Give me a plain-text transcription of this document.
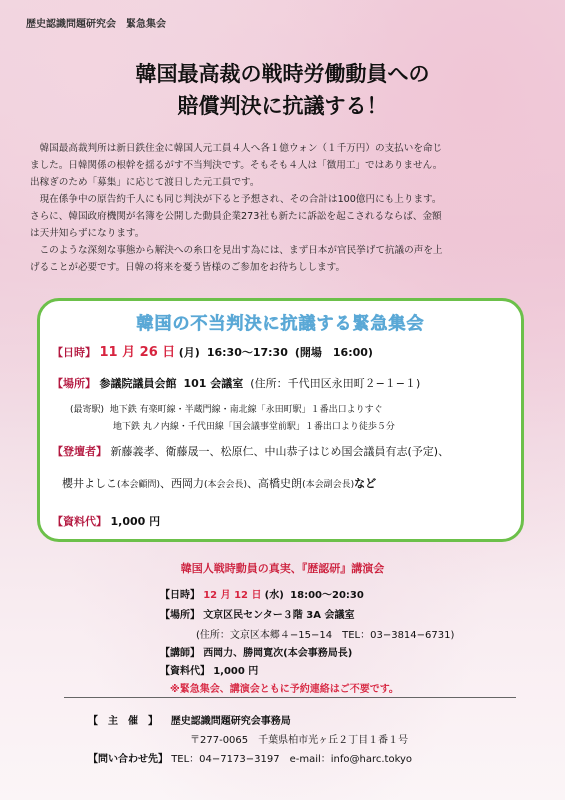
歴史認識問題研究会　緊急集会
韓国最高裁の戦時労働動員への
賠償判決に抗議する！

　韓国最高裁判所は新日鉄住金に韓国人元工員４人へ各１億ウォン（１千万円）の支払いを命じ

ました。日韓関係の根幹を揺るがす不当判決です。そもそも４人は「徴用工」ではありません。

出稼ぎのため「募集」に応じて渡日した元工員です。

　現在係争中の原告約千人にも同じ判決が下ると予想され、その合計は100億円にも上ります。

さらに、韓国政府機関が名簿を公開した動員企業273社も新たに訴訟を起こされるならば、金額

は天井知らずになります。

　このような深刻な事態から解決への糸口を見出す為には、まず日本が官民挙げて抗議の声を上

げることが必要です。日韓の将来を憂う皆様のご参加をお待ちしします。

韓国の不当判決に抗議する緊急集会
【日時】 11 月 26 日 (月) 16:30～17:30 (開場　16:00)
【場所】 参議院議員会館 101 会議室 (住所：千代田区永田町２−１−１)
(最寄駅) 地下鉄 有楽町線・半蔵門線・南北線「永田町駅」１番出口よりすぐ
地下鉄 丸ノ内線・千代田線「国会議事堂前駅」１番出口より徒歩５分
【登壇者】 新藤義孝、衛藤晟一、松原仁、中山恭子はじめ国会議員有志(予定)、
櫻井よしこ(本会顧問)、西岡力(本会会長)、高橋史朗(本会副会長)など
【資料代】 1,000 円
韓国人戦時動員の真実、『歴認研』講演会
【日時】 12 月 12 日 (水) 18:00～20:30
【場所】 文京区民センター３階 3A 会議室
(住所：文京区本郷４−15−14　TEL：03−3814−6731)
【講師】 西岡力、勝岡寛次(本会事務局長)
【資料代】 1,000 円
※緊急集会、講演会ともに予約連絡はご不要です。
【　主　催　】 歴史認識問題研究会事務局
〒277-0065　千葉県柏市光ヶ丘２丁目１番１号
【問い合わせ先】 TEL：04−7173−3197　e-mail：info@harc.tokyo
